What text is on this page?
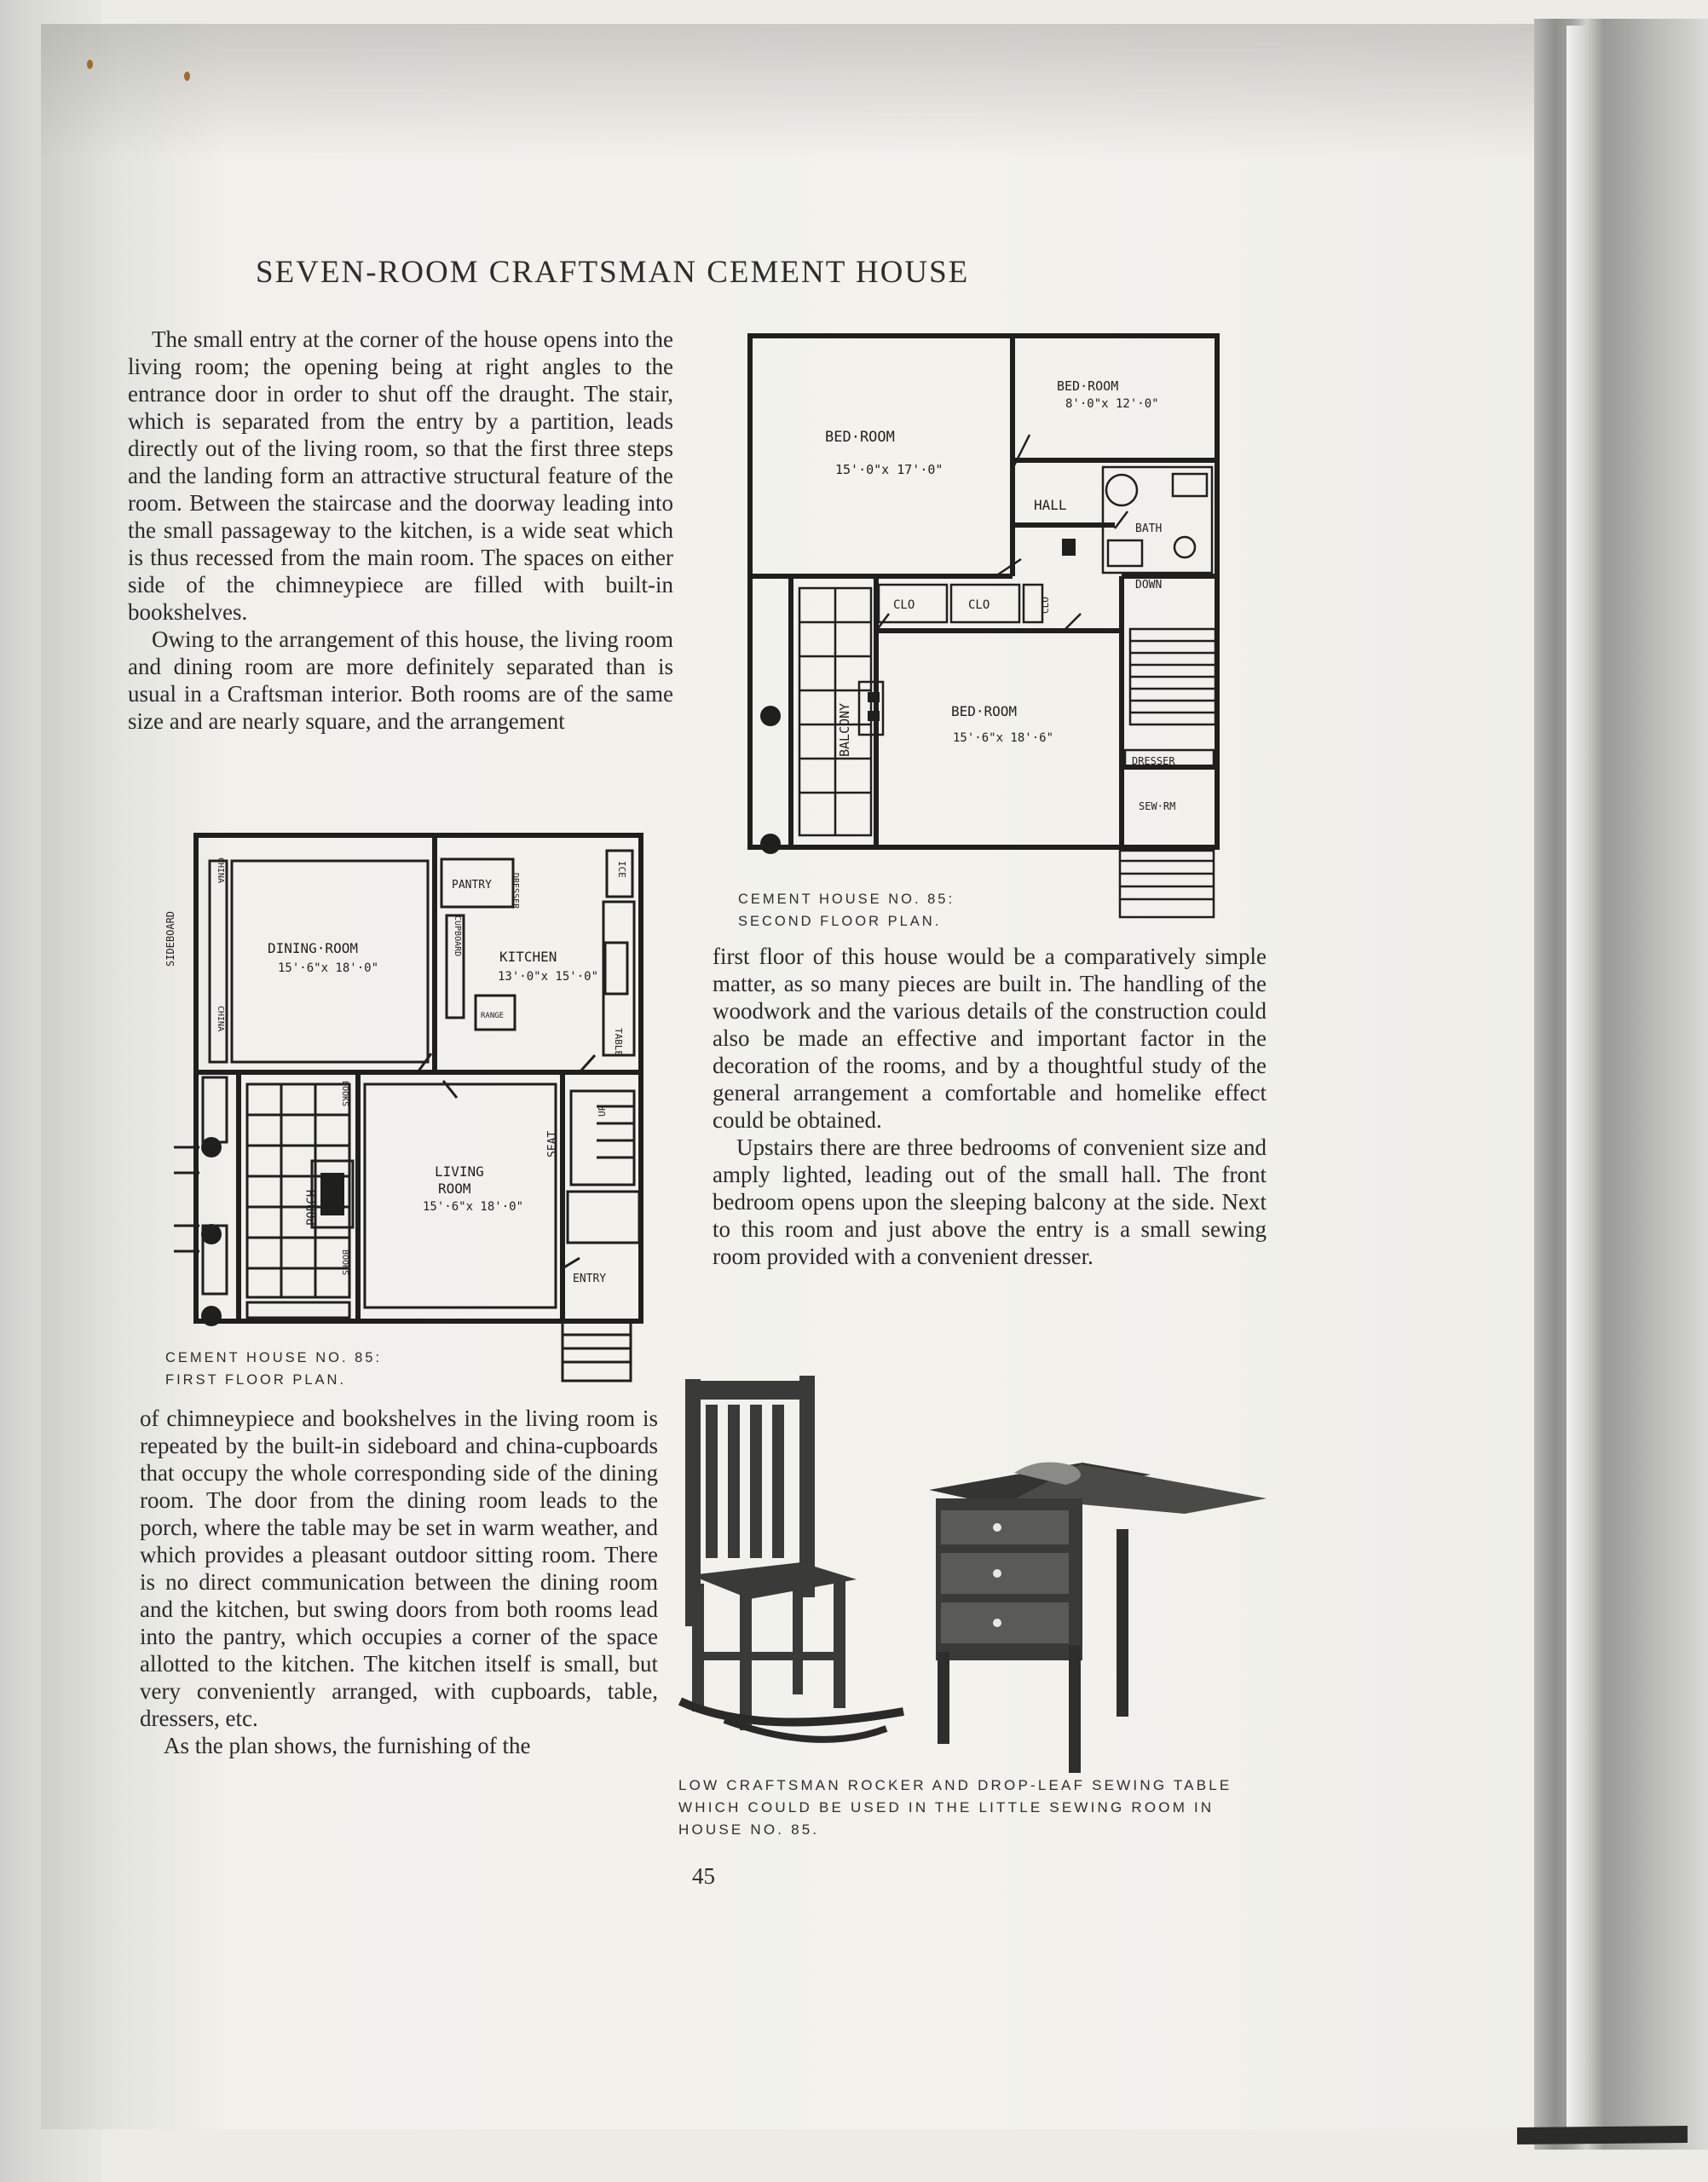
SEVEN-ROOM CRAFTSMAN CEMENT HOUSE

The small entry at the corner of the house opens into the living room; the opening being at right angles to the entrance door in order to shut off the draught. The stair, which is separated from the entry by a partition, leads directly out of the living room, so that the first three steps and the landing form an attractive structural feature of the room. Between the staircase and the doorway leading into the small passageway to the kitchen, is a wide seat which is thus recessed from the main room. The spaces on either side of the chimneypiece are filled with built-in bookshelves.

Owing to the arrangement of this house, the living room and dining room are more definitely separated than is usual in a Craftsman interior. Both rooms are of the same size and are nearly square, and the arrangement

BED·ROOM
15'·0"x 17'·0"
BED·ROOM
8'·0"x 12'·0"
HALL
BATH
CLO	CLO	CLO
DOWN
BALCONY	BED·ROOM
15'·6"x 18'·6"
DRESSER
SEW·RM
CEMENT HOUSE NO. 85:
SECOND FLOOR PLAN.

first floor of this house would be a comparatively simple matter, as so many pieces are built in. The handling of the woodwork and the various details of the construction could also be made an effective and important factor in the decoration of the rooms, and by a thoughtful study of the general arrangement a comfortable and homelike effect could be obtained.

Upstairs there are three bedrooms of convenient size and amply lighted, leading out of the small hall. The front bedroom opens upon the sleeping balcony at the side. Next to this room and just above the entry is a small sewing room provided with a convenient dresser.

DINING·ROOM
15'·6"x 18'·0"
PANTRY DRESSER
ICE
KITCHEN
13'·0"x 15'·0"
CHINA
SIDEBOARD
CHINA
CUPBOARD
RANGE
TABLE
PORCH
BOOKS
BOOKS
LIVING
ROOM
15'·6"x 18'·0"
SEAT
UP
ENTRY
CEMENT HOUSE NO. 85:
FIRST FLOOR PLAN.

of chimneypiece and bookshelves in the living room is repeated by the built-in sideboard and china-cupboards that occupy the whole corresponding side of the dining room. The door from the dining room leads to the porch, where the table may be set in warm weather, and which provides a pleasant outdoor sitting room. There is no direct communication between the dining room and the kitchen, but swing doors from both rooms lead into the pantry, which occupies a corner of the space allotted to the kitchen. The kitchen itself is small, but very conveniently arranged, with cupboards, table, dressers, etc.

As the plan shows, the furnishing of the

LOW CRAFTSMAN ROCKER AND DROP-LEAF SEWING TABLE
WHICH COULD BE USED IN THE LITTLE SEWING ROOM IN
HOUSE NO. 85.
45
